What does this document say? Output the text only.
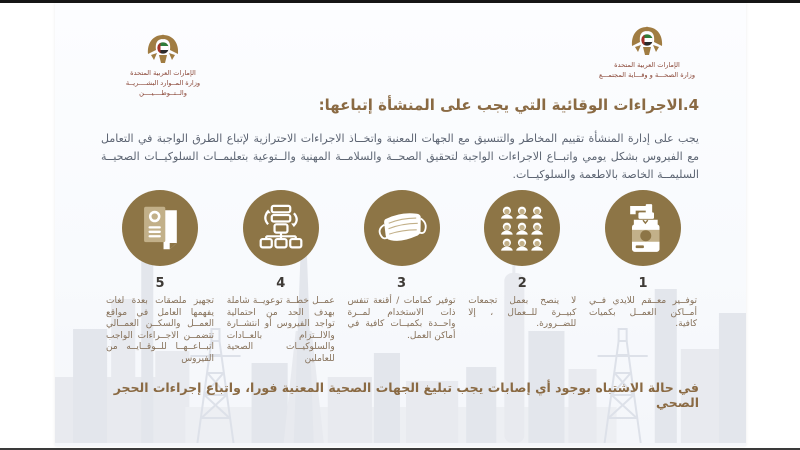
الإمارات العربية المتحدة
وزارة المــوارد البشــــريــة
والــتــوطــــيــــن
الإمارات العربية المتحدة
وزارة الصحـــة و وقـــاية المجتمـــع
4.الاجراءات الوقائية التي يجب على المنشأة إتباعها:
يجب على إدارة المنشأة تقييم المخاطر والتنسيق مع الجهات المعنية واتخــاذ الاجراءات الاحترازية لإتباع الطرق الواجبة في التعامل مع الفيروس بشكل يومي واتبــاع الاجراءات الواجبة لتحقيق الصحــة والسلامــة المهنية والــتوعية بتعليمــات السلوكيــات الصحيــة السليمــة الخاصة بالاطعمة والسلوكيــات.
1
توفــير معــقم للايدي فــي أمــاكن العمــل بكميات كافية.
2
لا ينصح بعمل تجمعات كبيــرة للــعمال ، إلا للضــرورة.
3
توفير كمامات / أقنعة تنفس ذات الاستخدام لمــرة واحــدة بكميــات كافية في أماكن العمل.
4
عمــل خطــة توعويــة شاملة بهدف الحد من احتمالية تواجد الفيروس أو انتشــارة والالــتزام بالعــادات والسلوكيــات الصحية للعاملين
5
تجهيز ملصقات بعدة لغات يفهمها العامل في مواقع العمــل والسكــن العمــالي تتضمــن الاجــراءات الواجب اتبــاعــهــا للــوقــايــه من الفيروس
في حالة الاشتباه بوجود أي إصابات يجب تبليغ الجهات الصحية المعنية فورا، واتباع إجراءات الحجر الصحي
